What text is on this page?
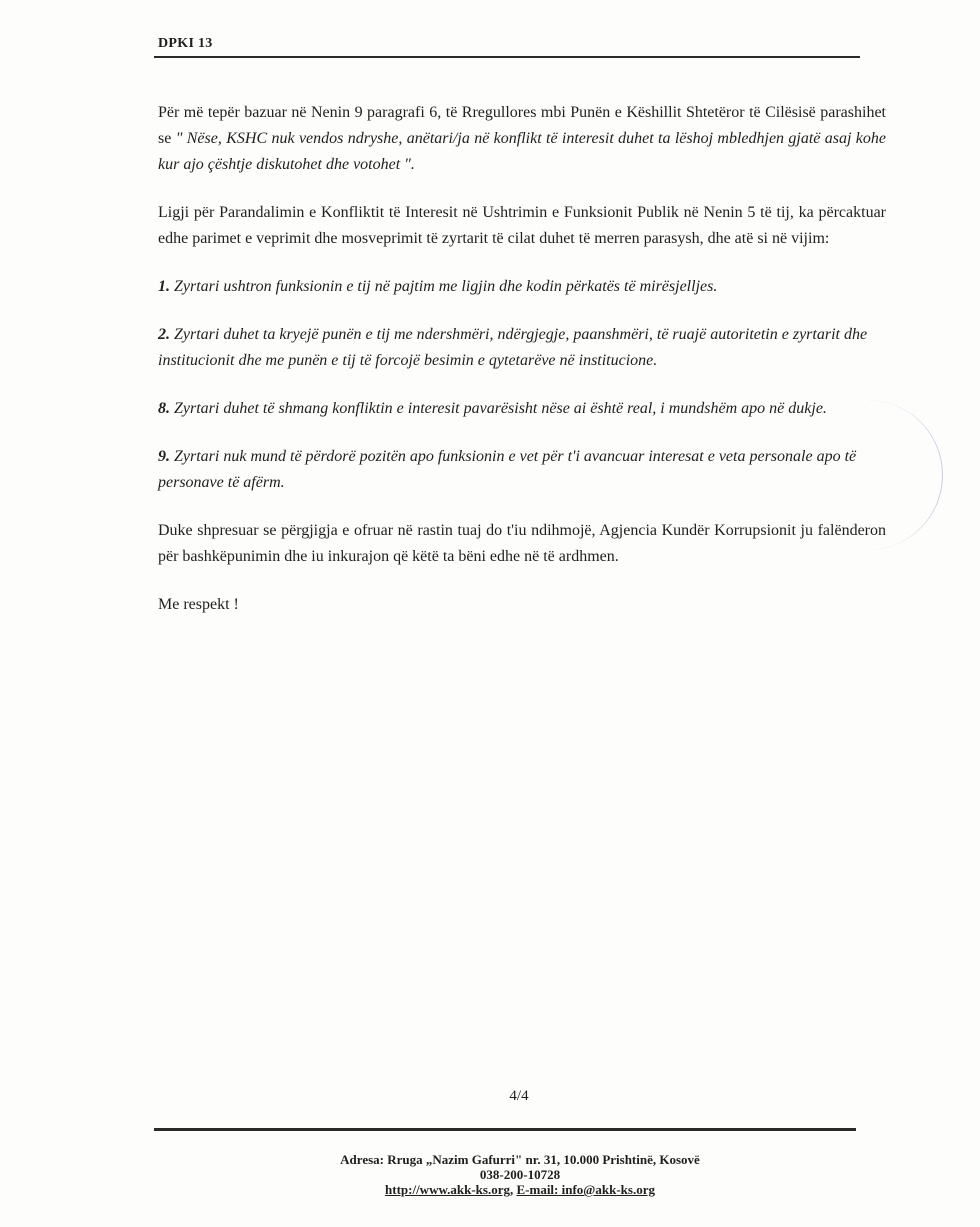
DPKI 13

Për më tepër bazuar në Nenin 9 paragrafi 6, të Rregullores mbi Punën e Këshillit Shtetëror të Cilësisë parashihet se " Nëse, KSHC nuk vendos ndryshe, anëtari/ja në konflikt të interesit duhet ta lëshoj mbledhjen gjatë asaj kohe kur ajo çështje diskutohet dhe votohet ".

Ligji për Parandalimin e Konfliktit të Interesit në Ushtrimin e Funksionit Publik në Nenin 5 të tij, ka përcaktuar edhe parimet e veprimit dhe mosveprimit të zyrtarit të cilat duhet të merren parasysh, dhe atë si në vijim:

1. Zyrtari ushtron funksionin e tij në pajtim me ligjin dhe kodin përkatës të mirësjelljes.
2. Zyrtari duhet ta kryejë punën e tij me ndershmëri, ndërgjegje, paanshmëri, të ruajë autoritetin e zyrtarit dhe institucionit dhe me punën e tij të forcojë besimin e qytetarëve në institucione.
8. Zyrtari duhet të shmang konfliktin e interesit pavarësisht nëse ai është real, i mundshëm apo në dukje.
9. Zyrtari nuk mund të përdorë pozitën apo funksionin e vet për t'i avancuar interesat e veta personale apo të personave të afërm.

Duke shpresuar se përgjigja e ofruar në rastin tuaj do t'iu ndihmojë, Agjencia Kundër Korrupsionit ju falënderon për bashkëpunimin dhe iu inkurajon që këtë ta bëni edhe në të ardhmen.

Me respekt !

4/4
Adresa: Rruga „Nazim Gafurri" nr. 31, 10.000 Prishtinë, Kosovë
038-200-10728
http://www.akk-ks.org, E-mail: info@akk-ks.org
